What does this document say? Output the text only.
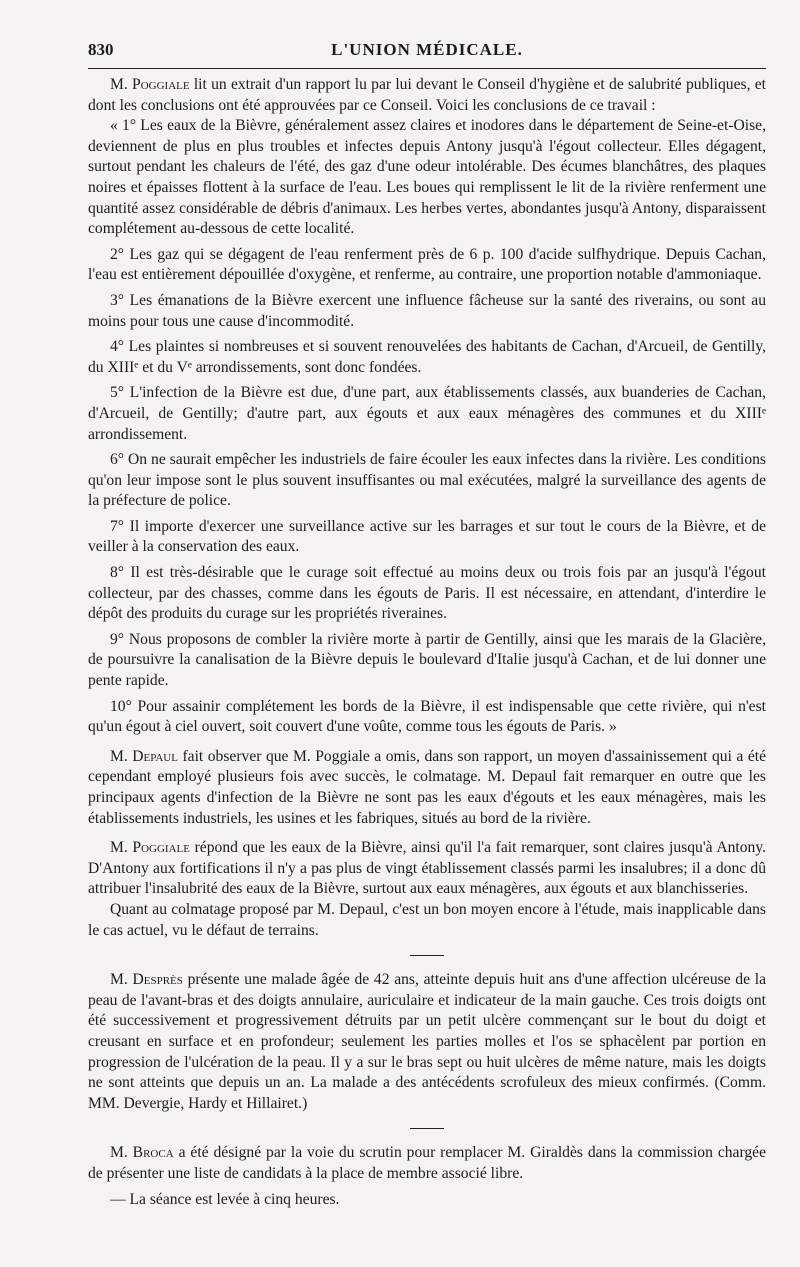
830	L'UNION MÉDICALE.

M. Poggiale lit un extrait d'un rapport lu par lui devant le Conseil d'hygiène et de salubrité publiques, et dont les conclusions ont été approuvées par ce Conseil. Voici les conclusions de ce travail :

« 1° Les eaux de la Bièvre, généralement assez claires et inodores dans le département de Seine-et-Oise, deviennent de plus en plus troubles et infectes depuis Antony jusqu'à l'égout collecteur. Elles dégagent, surtout pendant les chaleurs de l'été, des gaz d'une odeur intolérable. Des écumes blanchâtres, des plaques noires et épaisses flottent à la surface de l'eau. Les boues qui remplissent le lit de la rivière renferment une quantité assez considérable de débris d'animaux. Les herbes vertes, abondantes jusqu'à Antony, disparaissent complétement au-dessous de cette localité.

2° Les gaz qui se dégagent de l'eau renferment près de 6 p. 100 d'acide sulfhydrique. Depuis Cachan, l'eau est entièrement dépouillée d'oxygène, et renferme, au contraire, une proportion notable d'ammoniaque.

3° Les émanations de la Bièvre exercent une influence fâcheuse sur la santé des riverains, ou sont au moins pour tous une cause d'incommodité.

4° Les plaintes si nombreuses et si souvent renouvelées des habitants de Cachan, d'Arcueil, de Gentilly, du XIIIᵉ et du Vᵉ arrondissements, sont donc fondées.

5° L'infection de la Bièvre est due, d'une part, aux établissements classés, aux buanderies de Cachan, d'Arcueil, de Gentilly; d'autre part, aux égouts et aux eaux ménagères des communes et du XIIIᵉ arrondissement.

6° On ne saurait empêcher les industriels de faire écouler les eaux infectes dans la rivière. Les conditions qu'on leur impose sont le plus souvent insuffisantes ou mal exécutées, malgré la surveillance des agents de la préfecture de police.

7° Il importe d'exercer une surveillance active sur les barrages et sur tout le cours de la Bièvre, et de veiller à la conservation des eaux.

8° Il est très-désirable que le curage soit effectué au moins deux ou trois fois par an jusqu'à l'égout collecteur, par des chasses, comme dans les égouts de Paris. Il est nécessaire, en attendant, d'interdire le dépôt des produits du curage sur les propriétés riveraines.

9° Nous proposons de combler la rivière morte à partir de Gentilly, ainsi que les marais de la Glacière, de poursuivre la canalisation de la Bièvre depuis le boulevard d'Italie jusqu'à Cachan, et de lui donner une pente rapide.

10° Pour assainir complétement les bords de la Bièvre, il est indispensable que cette rivière, qui n'est qu'un égout à ciel ouvert, soit couvert d'une voûte, comme tous les égouts de Paris. »

M. Depaul fait observer que M. Poggiale a omis, dans son rapport, un moyen d'assainissement qui a été cependant employé plusieurs fois avec succès, le colmatage. M. Depaul fait remarquer en outre que les principaux agents d'infection de la Bièvre ne sont pas les eaux d'égouts et les eaux ménagères, mais les établissements industriels, les usines et les fabriques, situés au bord de la rivière.

M. Poggiale répond que les eaux de la Bièvre, ainsi qu'il l'a fait remarquer, sont claires jusqu'à Antony. D'Antony aux fortifications il n'y a pas plus de vingt établissement classés parmi les insalubres; il a donc dû attribuer l'insalubrité des eaux de la Bièvre, surtout aux eaux ménagères, aux égouts et aux blanchisseries.

Quant au colmatage proposé par M. Depaul, c'est un bon moyen encore à l'étude, mais inapplicable dans le cas actuel, vu le défaut de terrains.

M. Desprès présente une malade âgée de 42 ans, atteinte depuis huit ans d'une affection ulcéreuse de la peau de l'avant-bras et des doigts annulaire, auriculaire et indicateur de la main gauche. Ces trois doigts ont été successivement et progressivement détruits par un petit ulcère commençant sur le bout du doigt et creusant en surface et en profondeur; seulement les parties molles et l'os se sphacèlent par portion en progression de l'ulcération de la peau. Il y a sur le bras sept ou huit ulcères de même nature, mais les doigts ne sont atteints que depuis un an. La malade a des antécédents scrofuleux des mieux confirmés. (Comm. MM. Devergie, Hardy et Hillairet.)

M. Broca a été désigné par la voie du scrutin pour remplacer M. Giraldès dans la commission chargée de présenter une liste de candidats à la place de membre associé libre.

— La séance est levée à cinq heures.
